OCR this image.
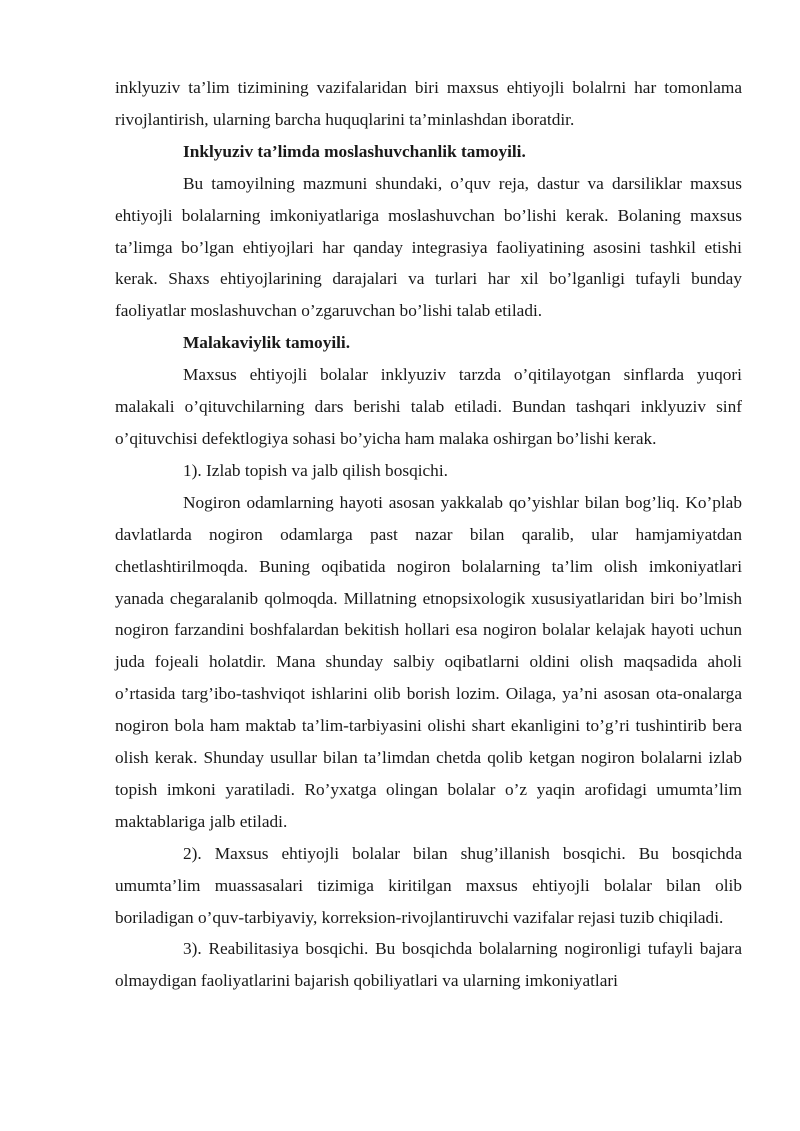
inklyuziv ta’lim tizimining vazifalaridan biri maxsus ehtiyojli bolalrni har tomonlama rivojlantirish, ularning barcha huquqlarini ta’minlashdan iboratdir.

Inklyuziv ta’limda moslashuvchanlik tamoyili.

Bu tamoyilning mazmuni shundaki, o’quv reja, dastur va darsiliklar maxsus ehtiyojli bolalarning imkoniyatlariga moslashuvchan bo’lishi kerak. Bolaning maxsus ta’limga bo’lgan ehtiyojlari har qanday integrasiya faoliyatining asosini tashkil etishi kerak. Shaxs ehtiyojlarining darajalari va turlari har xil bo’lganligi tufayli bunday faoliyatlar moslashuvchan o’zgaruvchan bo’lishi talab etiladi.

Malakaviylik tamoyili.

Maxsus ehtiyojli bolalar inklyuziv tarzda o’qitilayotgan sinflarda yuqori malakali o’qituvchilarning dars berishi talab etiladi. Bundan tashqari inklyuziv sinf o’qituvchisi defektlogiya sohasi bo’yicha ham malaka oshirgan bo’lishi kerak.

1). Izlab topish va jalb qilish bosqichi.

Nogiron odamlarning hayoti asosan yakkalab qo’yishlar bilan bog’liq. Ko’plab davlatlarda nogiron odamlarga past nazar bilan qaralib, ular hamjamiyatdan chetlashtirilmoqda. Buning oqibatida nogiron bolalarning ta’lim olish imkoniyatlari yanada chegaralanib qolmoqda. Millatning etnopsixologik xususiyatlaridan biri bo’lmish nogiron farzandini boshfalardan bekitish hollari esa nogiron bolalar kelajak hayoti uchun juda fojeali holatdir. Mana shunday salbiy oqibatlarni oldini olish maqsadida aholi o’rtasida targ’ibo-tashviqot ishlarini olib borish lozim. Oilaga, ya’ni asosan ota-onalarga nogiron bola ham maktab ta’lim-tarbiyasini olishi shart ekanligini to’g’ri tushintirib bera olish kerak. Shunday usullar bilan ta’limdan chetda qolib ketgan nogiron bolalarni izlab topish imkoni yaratiladi. Ro’yxatga olingan bolalar o’z yaqin arofidagi umumta’lim maktablariga jalb etiladi.

2). Maxsus ehtiyojli bolalar bilan shug’illanish bosqichi. Bu bosqichda umumta’lim muassasalari tizimiga kiritilgan maxsus ehtiyojli bolalar bilan olib boriladigan o’quv-tarbiyaviy, korreksion-rivojlantiruvchi vazifalar rejasi tuzib chiqiladi.

3). Reabilitasiya bosqichi. Bu bosqichda bolalarning nogironligi tufayli bajara olmaydigan faoliyatlarini bajarish qobiliyatlari va ularning imkoniyatlari
